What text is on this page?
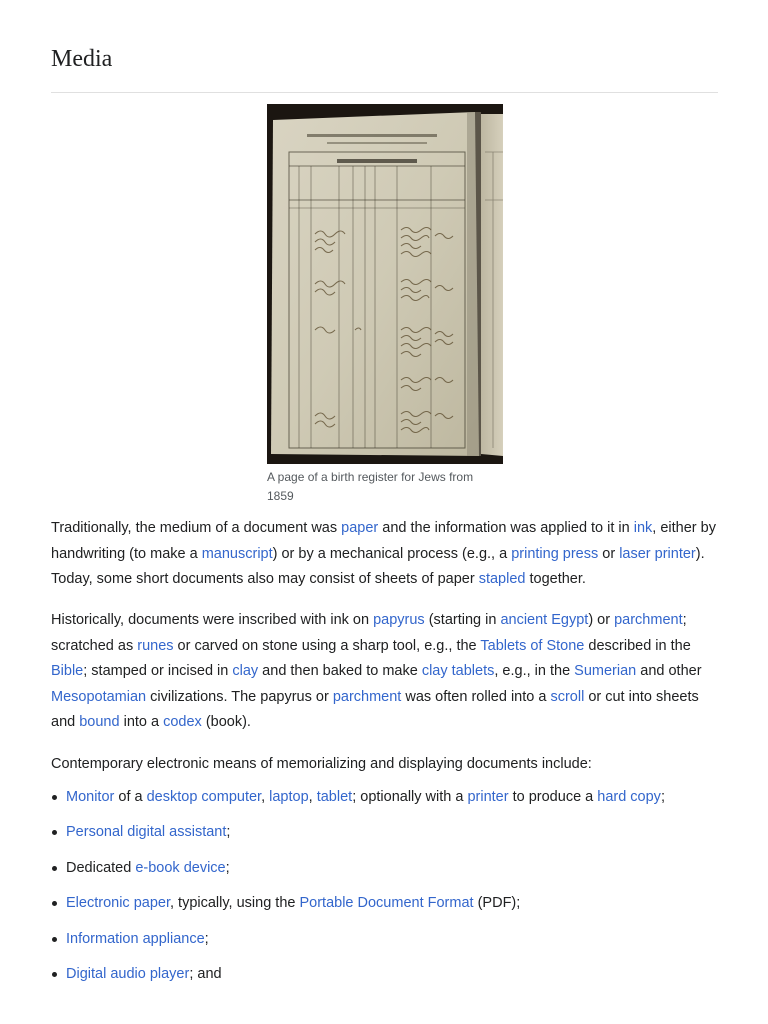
Media
A page of a birth register for Jews from 1859

Traditionally, the medium of a document was paper and the information was applied to it in ink, either by handwriting (to make a manuscript) or by a mechanical process (e.g., a printing press or laser printer). Today, some short documents also may consist of sheets of paper stapled together.

Historically, documents were inscribed with ink on papyrus (starting in ancient Egypt) or parchment; scratched as runes or carved on stone using a sharp tool, e.g., the Tablets of Stone described in the Bible; stamped or incised in clay and then baked to make clay tablets, e.g., in the Sumerian and other Mesopotamian civilizations. The papyrus or parchment was often rolled into a scroll or cut into sheets and bound into a codex (book).

Contemporary electronic means of memorializing and displaying documents include:

Monitor of a desktop computer, laptop, tablet; optionally with a printer to produce a hard copy;
Personal digital assistant;
Dedicated e-book device;
Electronic paper, typically, using the Portable Document Format (PDF);
Information appliance;
Digital audio player; and
